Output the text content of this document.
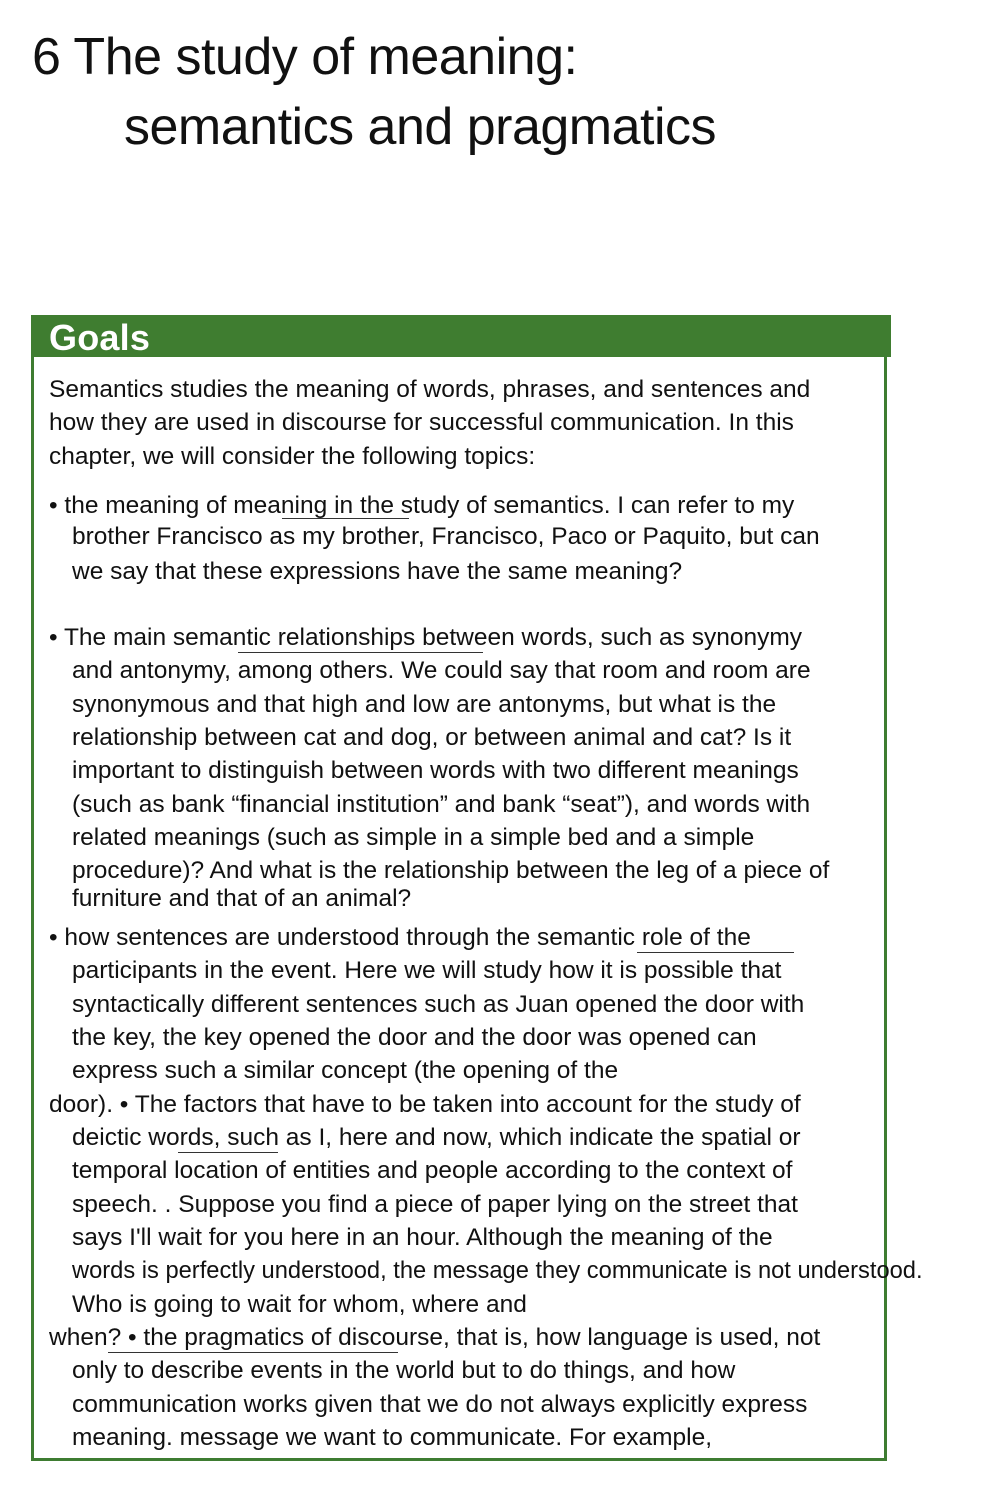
6 The study of meaning:
semantics and pragmatics
Goals
Semantics studies the meaning of words, phrases, and sentences and
how they are used in discourse for successful communication. In this
chapter, we will consider the following topics:
• the meaning of meaning in the study of semantics. I can refer to my
brother Francisco as my brother, Francisco, Paco or Paquito, but can
we say that these expressions have the same meaning?
• The main semantic relationships between words, such as synonymy
and antonymy, among others. We could say that room and room are
synonymous and that high and low are antonyms, but what is the
relationship between cat and dog, or between animal and cat? Is it
important to distinguish between words with two different meanings
(such as bank “financial institution” and bank “seat”), and words with
related meanings (such as simple in a simple bed and a simple
procedure)? And what is the relationship between the leg of a piece of
furniture and that of an animal?
• how sentences are understood through the semantic role of the
participants in the event. Here we will study how it is possible that
syntactically different sentences such as Juan opened the door with
the key, the key opened the door and the door was opened can
express such a similar concept (the opening of the
door). • The factors that have to be taken into account for the study of
deictic words, such as I, here and now, which indicate the spatial or
temporal location of entities and people according to the context of
speech. . Suppose you find a piece of paper lying on the street that
says I'll wait for you here in an hour. Although the meaning of the
words is perfectly understood, the message they communicate is not understood.
Who is going to wait for whom, where and
when? • the pragmatics of discourse, that is, how language is used, not
only to describe events in the world but to do things, and how
communication works given that we do not always explicitly express
meaning. message we want to communicate. For example,
